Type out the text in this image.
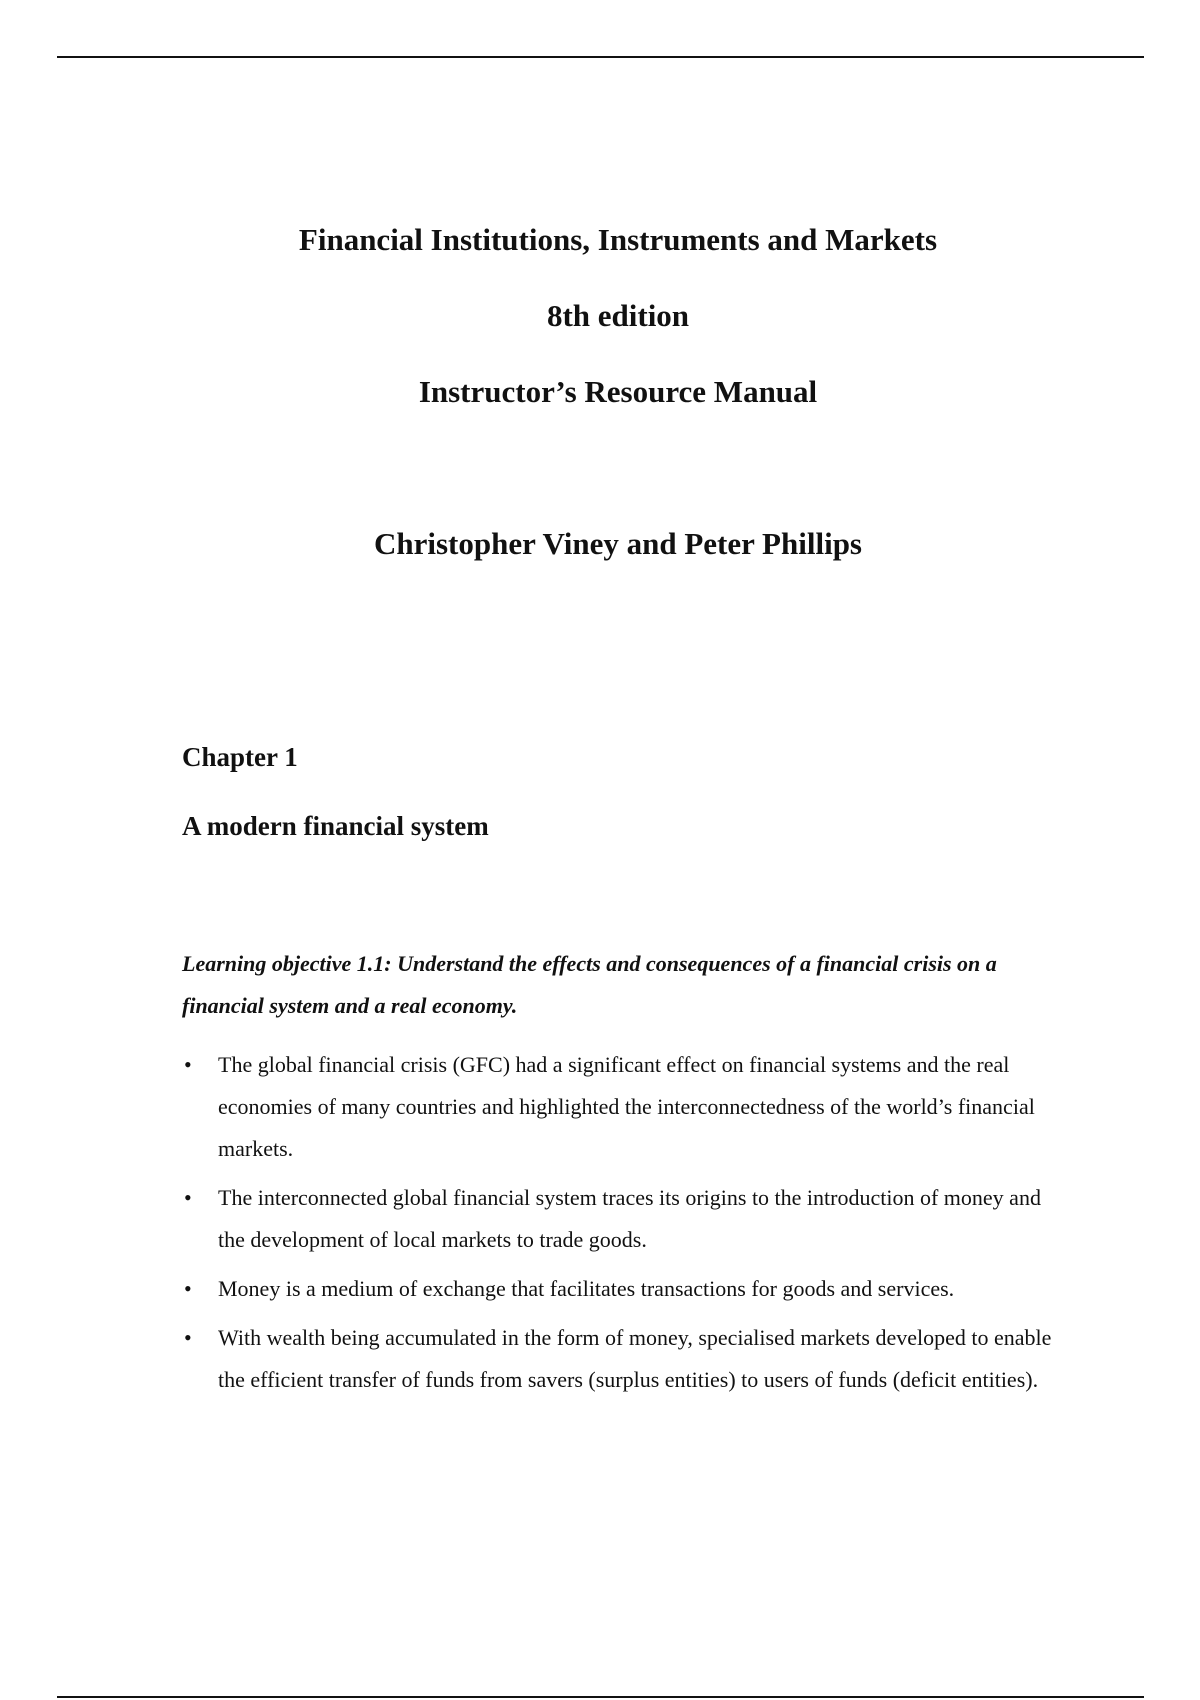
Financial Institutions, Instruments and Markets
8th edition
Instructor’s Resource Manual
Christopher Viney and Peter Phillips
Chapter 1
A modern financial system
Learning objective 1.1: Understand the effects and consequences of a financial crisis on a financial system and a real economy.
• The global financial crisis (GFC) had a significant effect on financial systems and the real economies of many countries and highlighted the interconnectedness of the world’s financial markets.
• The interconnected global financial system traces its origins to the introduction of money and the development of local markets to trade goods.
• Money is a medium of exchange that facilitates transactions for goods and services.
• With wealth being accumulated in the form of money, specialised markets developed to enable the efficient transfer of funds from savers (surplus entities) to users of funds (deficit entities).
